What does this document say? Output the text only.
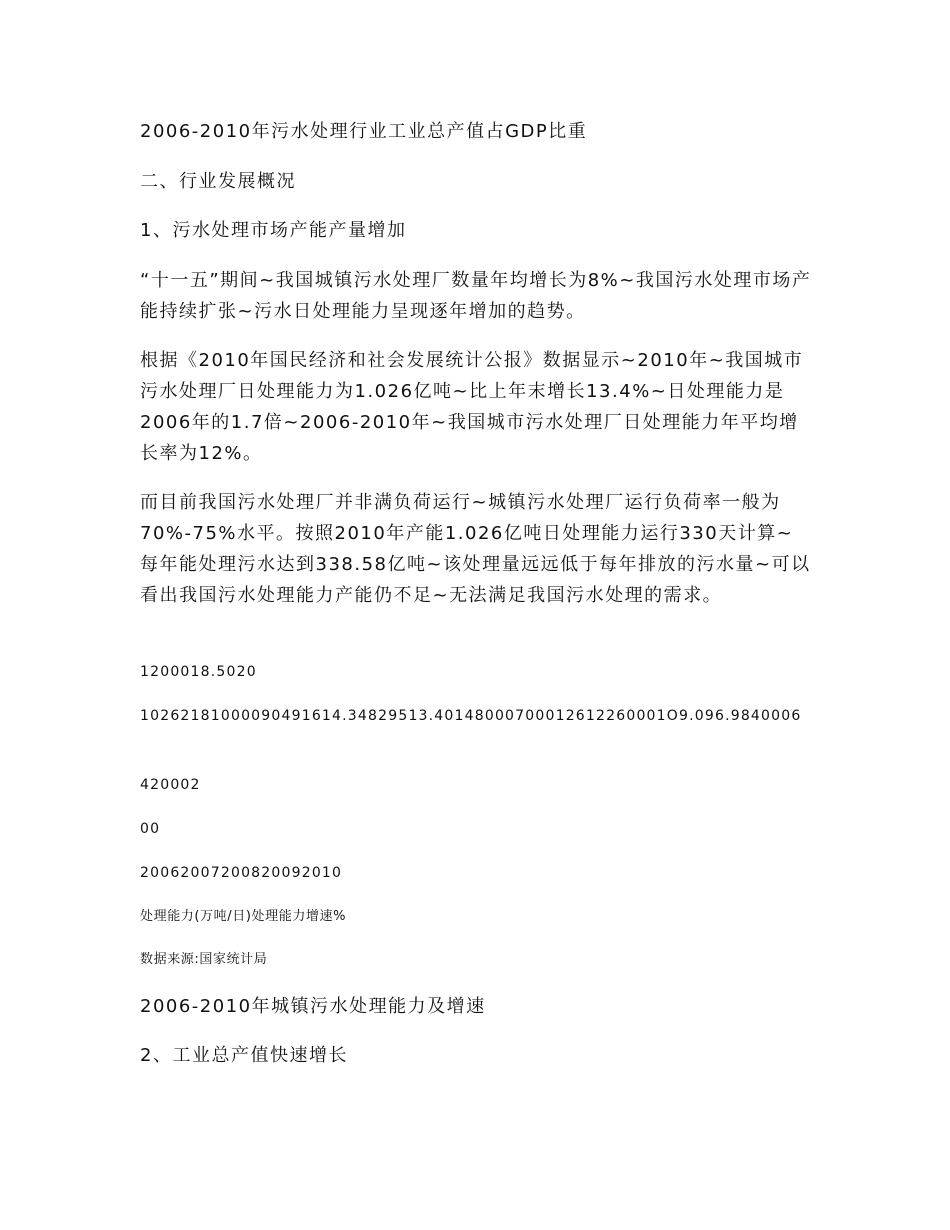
2006-2010年污水处理行业工业总产值占GDP比重
二、行业发展概况
1、污水处理市场产能产量增加
“十一五”期间~我国城镇污水处理厂数量年均增长为8%~我国污水处理市场产能持续扩张~污水日处理能力呈现逐年增加的趋势。
根据《2010年国民经济和社会发展统计公报》数据显示~2010年~我国城市污水处理厂日处理能力为1.026亿吨~比上年末增长13.4%~日处理能力是2006年的1.7倍~2006-2010年~我国城市污水处理厂日处理能力年平均增长率为12%。
而目前我国污水处理厂并非满负荷运行~城镇污水处理厂运行负荷率一般为70%-75%水平。按照2010年产能1.026亿吨日处理能力运行330天计算~每年能处理污水达到338.58亿吨~该处理量远远低于每年排放的污水量~可以看出我国污水处理能力产能仍不足~无法满足我国污水处理的需求。
1200018.5020
10262181000090491614.34829513.40148000700012612260001O9.096.9840006
420002
00
20062007200820092010
处理能力(万吨/日)处理能力增速%
数据来源:国家统计局
2006-2010年城镇污水处理能力及增速
2、工业总产值快速增长
